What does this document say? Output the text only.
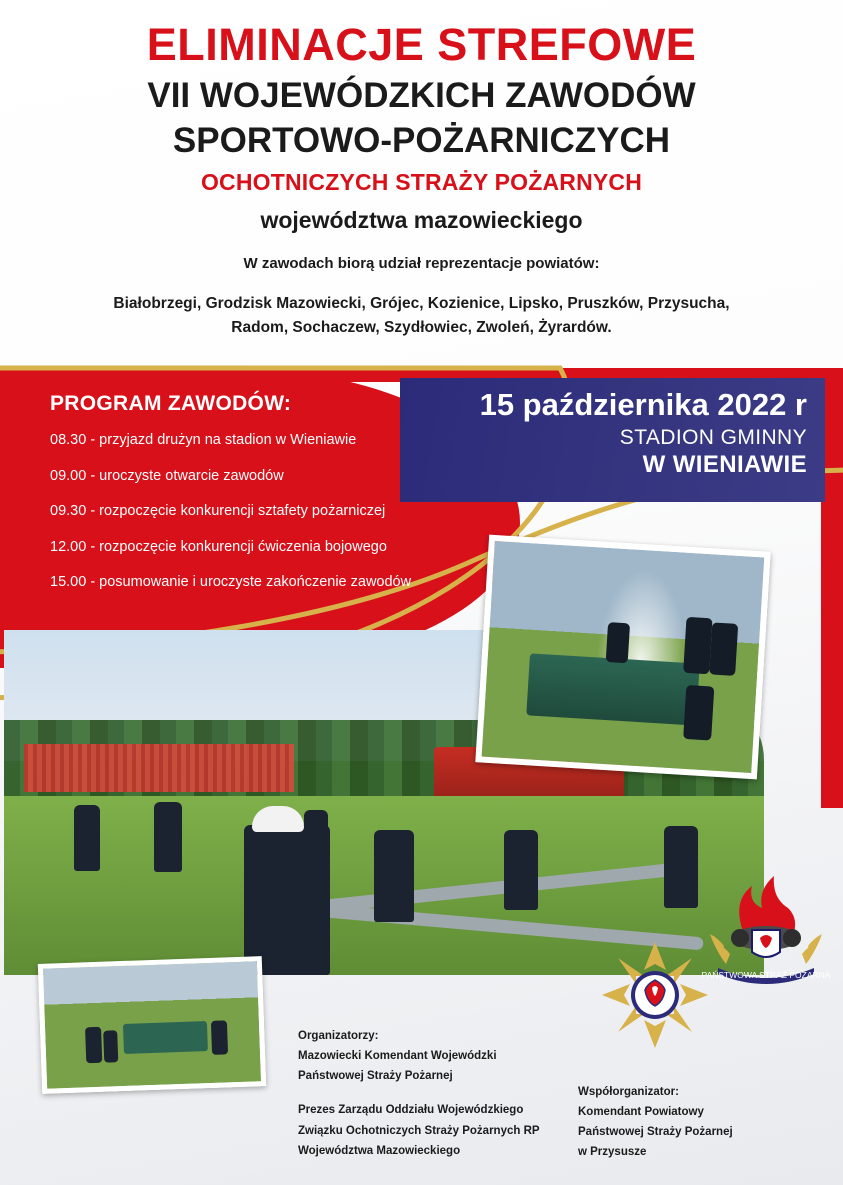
ELIMINACJE STREFOWE
VII WOJEWÓDZKICH ZAWODÓW
SPORTOWO-POŻARNICZYCH
OCHOTNICZYCH STRAŻY POŻARNYCH
województwa mazowieckiego
W zawodach biorą udział reprezentacje powiatów:
Białobrzegi, Grodzisk Mazowiecki, Grójec, Kozienice, Lipsko, Pruszków, Przysucha,
Radom, Sochaczew, Szydłowiec, Zwoleń, Żyrardów.
PROGRAM ZAWODÓW:
08.30 - przyjazd drużyn na stadion w Wieniawie
09.00 - uroczyste otwarcie zawodów
09.30 - rozpoczęcie konkurencji sztafety pożarniczej
12.00 - rozpoczęcie konkurencji ćwiczenia bojowego
15.00 - posumowanie i uroczyste zakończenie zawodów
15 października 2022 r
STADION GMINNY
W WIENIAWIE
PAŃSTWOWA STRAŻ POŻARNA
Organizatorzy:
Mazowiecki Komendant Wojewódzki
Państwowej Straży Pożarnej
Prezes Zarządu Oddziału Wojewódzkiego
Związku Ochotniczych Straży Pożarnych RP
Województwa Mazowieckiego
Współorganizator:
Komendant Powiatowy
Państwowej Straży Pożarnej
w Przysusze
